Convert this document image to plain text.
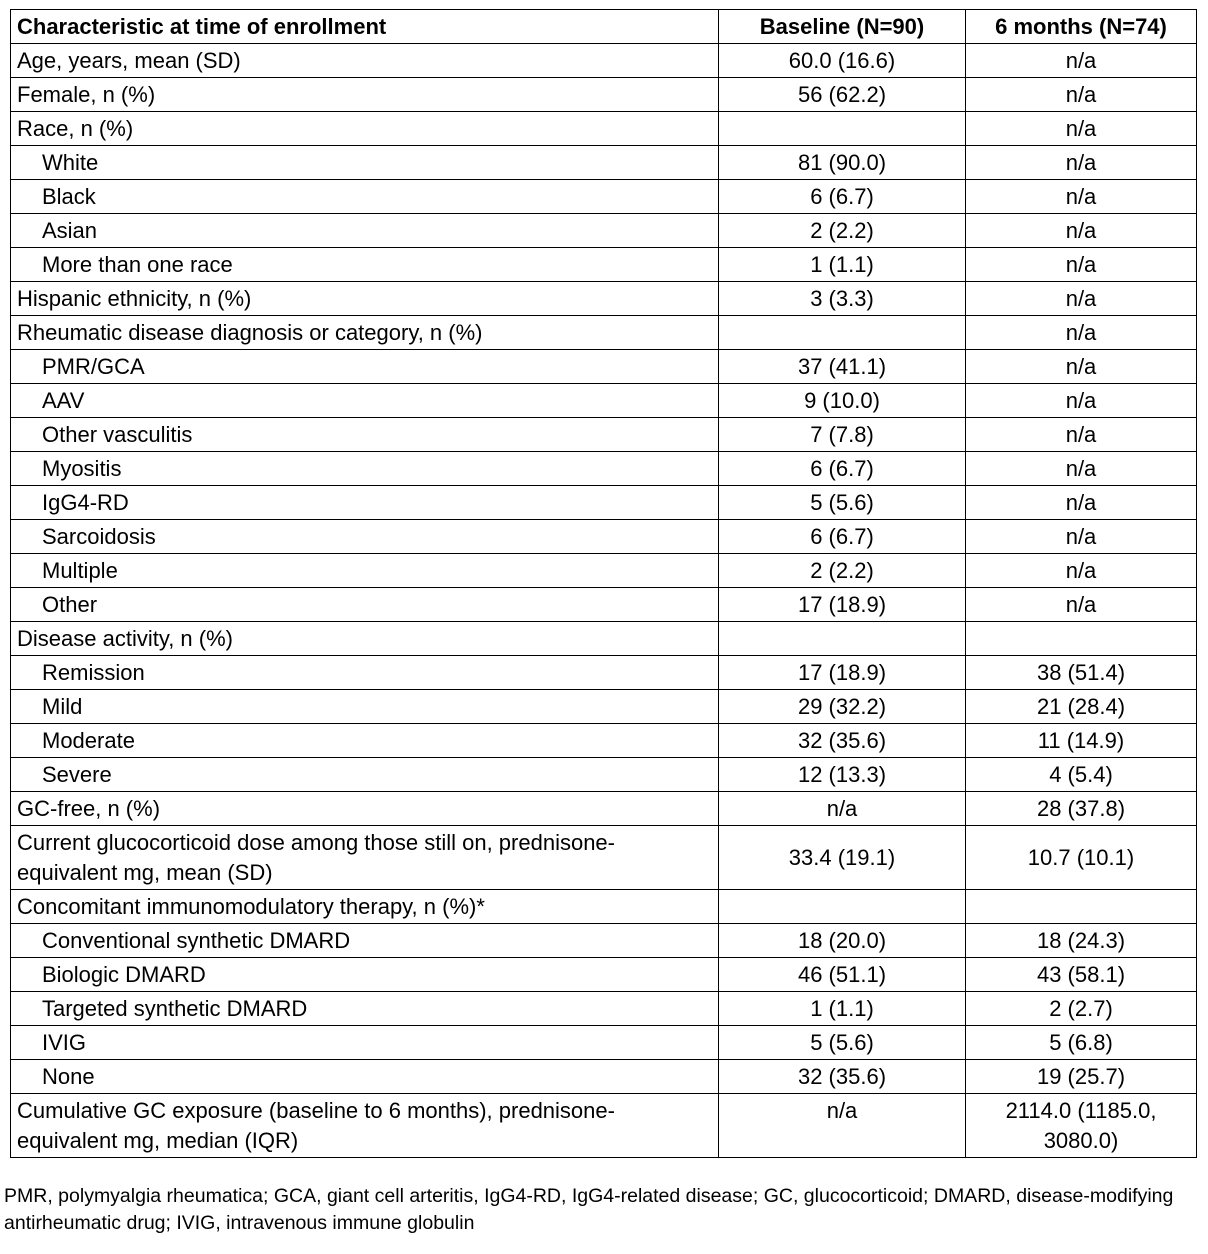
Characteristic at time of enrollment	Baseline (N=90)	6 months (N=74)
Age, years, mean (SD)	60.0 (16.6)	n/a
Female, n (%)	56 (62.2)	n/a
Race, n (%)		n/a
White	81 (90.0)	n/a
Black	6 (6.7)	n/a
Asian	2 (2.2)	n/a
More than one race	1 (1.1)	n/a
Hispanic ethnicity, n (%)	3 (3.3)	n/a
Rheumatic disease diagnosis or category, n (%)		n/a
PMR/GCA	37 (41.1)	n/a
AAV	9 (10.0)	n/a
Other vasculitis	7 (7.8)	n/a
Myositis	6 (6.7)	n/a
IgG4-RD	5 (5.6)	n/a
Sarcoidosis	6 (6.7)	n/a
Multiple	2 (2.2)	n/a
Other	17 (18.9)	n/a
Disease activity, n (%)		
Remission	17 (18.9)	38 (51.4)
Mild	29 (32.2)	21 (28.4)
Moderate	32 (35.6)	11 (14.9)
Severe	12 (13.3)	4 (5.4)
GC-free, n (%)	n/a	28 (37.8)
Current glucocorticoid dose among those still on, prednisone-equivalent mg, mean (SD)	33.4 (19.1)	10.7 (10.1)
Concomitant immunomodulatory therapy, n (%)*		
Conventional synthetic DMARD	18 (20.0)	18 (24.3)
Biologic DMARD	46 (51.1)	43 (58.1)
Targeted synthetic DMARD	1 (1.1)	2 (2.7)
IVIG	5 (5.6)	5 (6.8)
None	32 (35.6)	19 (25.7)
Cumulative GC exposure (baseline to 6 months), prednisone-equivalent mg, median (IQR)	n/a	2114.0 (1185.0, 3080.0)
PMR, polymyalgia rheumatica; GCA, giant cell arteritis, IgG4-RD, IgG4-related disease; GC, glucocorticoid; DMARD, disease-modifying antirheumatic drug; IVIG, intravenous immune globulin
